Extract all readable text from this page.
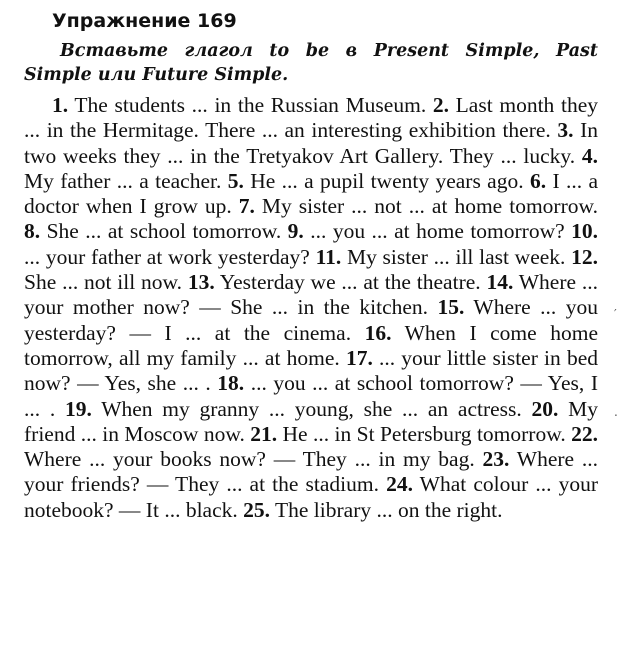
Упражнение 169
Вставьте глагол to be в Present Simple, Past Simple или Future Simple.
1. The students ... in the Russian Museum. 2. Last month they ... in the Hermitage. There ... an interesting exhibition there. 3. In two weeks they ... in the Tretyakov Art Gallery. They ... lucky. 4. My father ... a teacher. 5. He ... a pupil twenty years ago. 6. I ... a doctor when I grow up. 7. My sister ... not ... at home tomorrow. 8. She ... at school tomorrow. 9. ... you ... at home tomorrow? 10. ... your father at work yesterday? 11. My sister ... ill last week. 12. She ... not ill now. 13. Yesterday we ... at the theatre. 14. Where ... your mother now? — She ... in the kitchen. 15. Where ... you yesterday? — I ... at the cinema. 16. When I come home tomorrow, all my family ... at home. 17. ... your little sister in bed now? — Yes, she ... . 18. ... you ... at school tomorrow? — Yes, I ... . 19. When my granny ... young, she ... an actress. 20. My friend ... in Moscow now. 21. He ... in St Petersburg tomorrow. 22. Where ... your books now? — They ... in my bag. 23. Where ... your friends? — They ... at the stadium. 24. What colour ... your notebook? — It ... black. 25. The library ... on the right.
′
.
